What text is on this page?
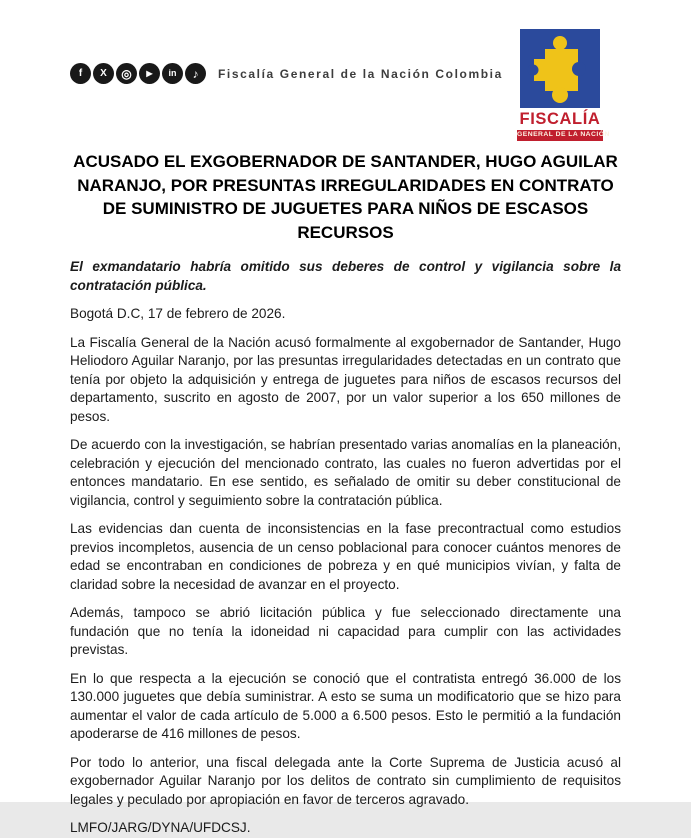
f	X	◎	▶	in	♪	Fiscalía General de la Nación Colombia
FISCALÍA
GENERAL DE LA NACIÓN
ACUSADO EL EXGOBERNADOR DE SANTANDER, HUGO AGUILAR NARANJO, POR PRESUNTAS IRREGULARIDADES EN CONTRATO DE SUMINISTRO DE JUGUETES PARA NIÑOS DE ESCASOS RECURSOS

El exmandatario habría omitido sus deberes de control y vigilancia sobre la contratación pública.

Bogotá D.C, 17 de febrero de 2026.

La Fiscalía General de la Nación acusó formalmente al exgobernador de Santander, Hugo Heliodoro Aguilar Naranjo, por las presuntas irregularidades detectadas en un contrato que tenía por objeto la adquisición y entrega de juguetes para niños de escasos recursos del departamento, suscrito en agosto de 2007, por un valor superior a los 650 millones de pesos.

De acuerdo con la investigación, se habrían presentado varias anomalías en la planeación, celebración y ejecución del mencionado contrato, las cuales no fueron advertidas por el entonces mandatario. En ese sentido, es señalado de omitir su deber constitucional de vigilancia, control y seguimiento sobre la contratación pública.

Las evidencias dan cuenta de inconsistencias en la fase precontractual como estudios previos incompletos, ausencia de un censo poblacional para conocer cuántos menores de edad se encontraban en condiciones de pobreza y en qué municipios vivían, y falta de claridad sobre la necesidad de avanzar en el proyecto.

Además, tampoco se abrió licitación pública y fue seleccionado directamente una fundación que no tenía la idoneidad ni capacidad para cumplir con las actividades previstas.

En lo que respecta a la ejecución se conoció que el contratista entregó 36.000 de los 130.000 juguetes que debía suministrar. A esto se suma un modificatorio que se hizo para aumentar el valor de cada artículo de 5.000 a 6.500 pesos. Esto le permitió a la fundación apoderarse de 416 millones de pesos.

Por todo lo anterior, una fiscal delegada ante la Corte Suprema de Justicia acusó al exgobernador Aguilar Naranjo por los delitos de contrato sin cumplimiento de requisitos legales y peculado por apropiación en favor de terceros agravado.

LMFO/JARG/DYNA/UFDCSJ.
